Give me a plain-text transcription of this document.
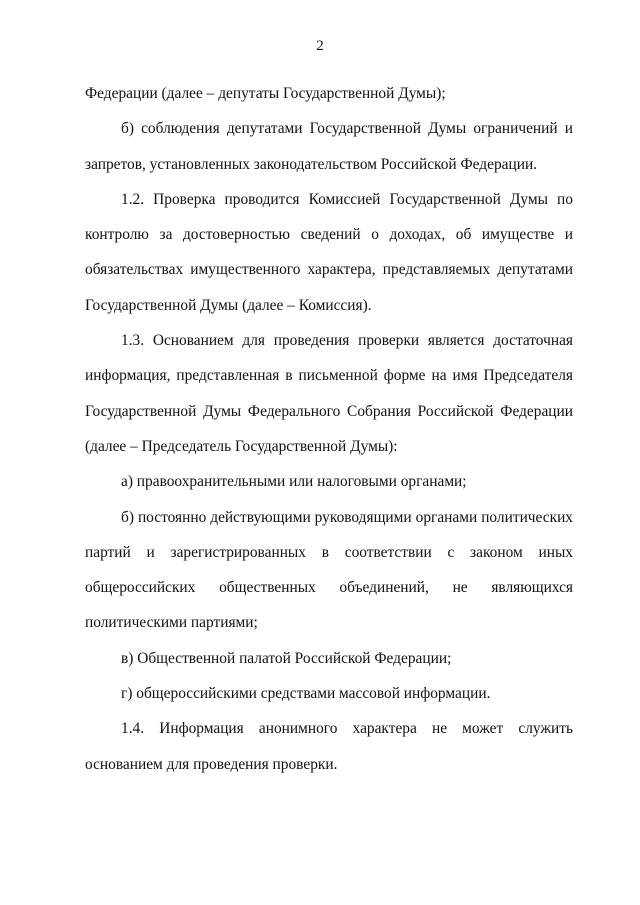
2

Федерации (далее – депутаты Государственной Думы);

б) соблюдения депутатами Государственной Думы ограничений и запретов, установленных законодательством Российской Федерации.

1.2. Проверка проводится Комиссией Государственной Думы по контролю за достоверностью сведений о доходах, об имуществе и обязательствах имущественного характера, представляемых депутатами Государственной Думы (далее – Комиссия).

1.3. Основанием для проведения проверки является достаточная информация, представленная в письменной форме на имя Председателя Государственной Думы Федерального Собрания Российской Федерации (далее – Председатель Государственной Думы):

а) правоохранительными или налоговыми органами;

б) постоянно действующими руководящими органами политических партий и зарегистрированных в соответствии с законом иных общероссийских общественных объединений, не являющихся политическими партиями;

в) Общественной палатой Российской Федерации;

г) общероссийскими средствами массовой информации.

1.4. Информация анонимного характера не может служить основанием для проведения проверки.
